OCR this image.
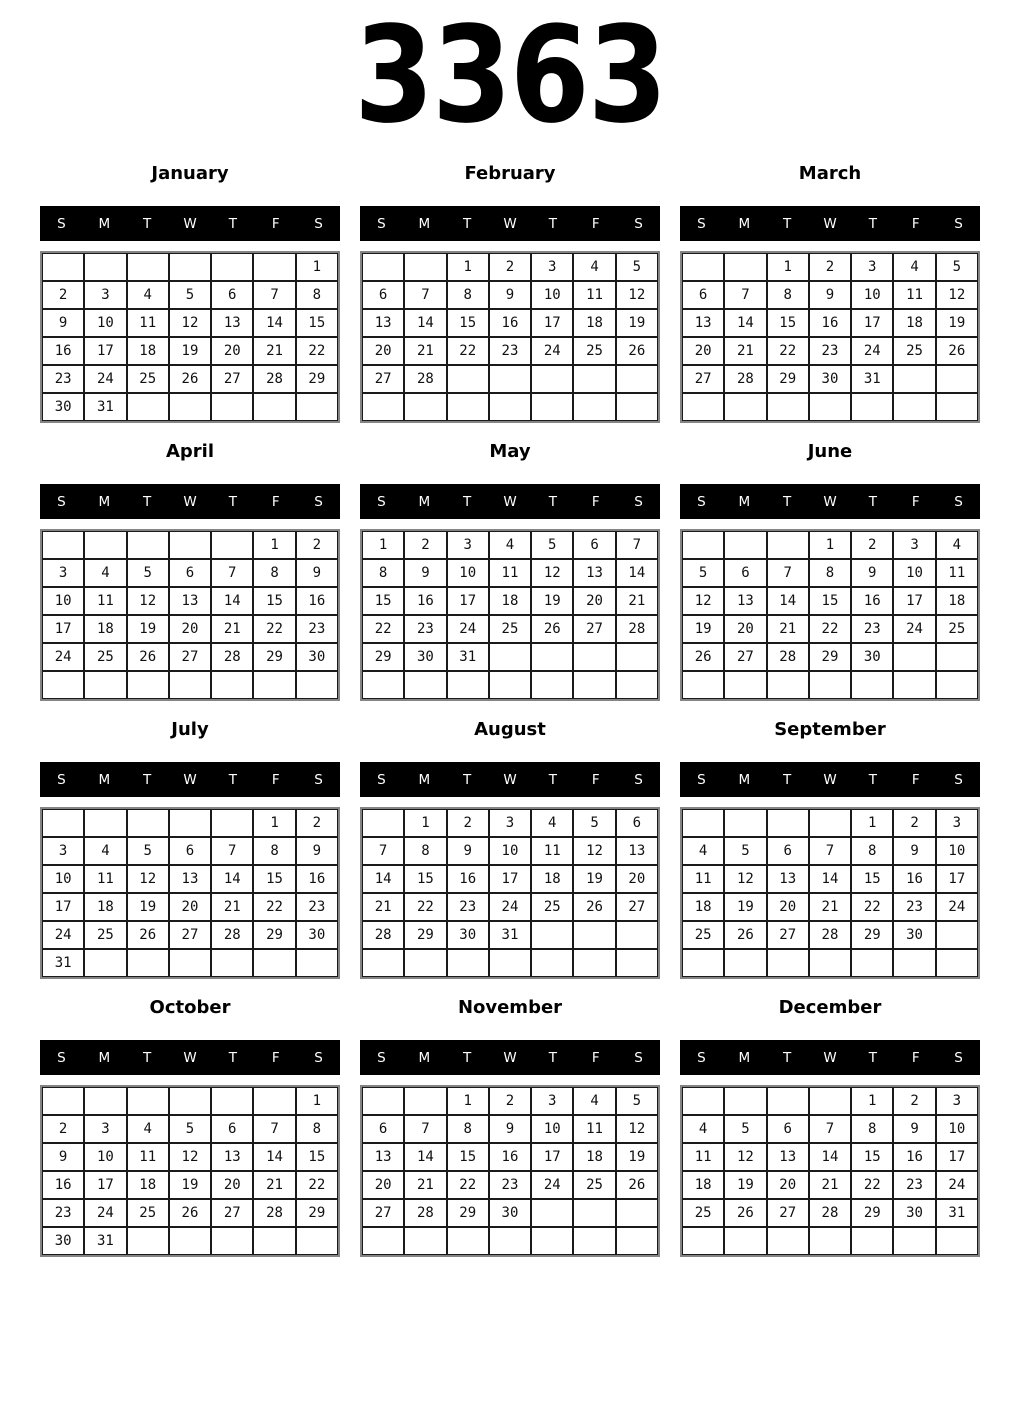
3363
January
S	M	T	W	T	F	S
						1
2	3	4	5	6	7	8
9	10	11	12	13	14	15
16	17	18	19	20	21	22
23	24	25	26	27	28	29
30	31					
February
S	M	T	W	T	F	S
		1	2	3	4	5
6	7	8	9	10	11	12
13	14	15	16	17	18	19
20	21	22	23	24	25	26
27	28					

March
S	M	T	W	T	F	S
		1	2	3	4	5
6	7	8	9	10	11	12
13	14	15	16	17	18	19
20	21	22	23	24	25	26
27	28	29	30	31		

April
S	M	T	W	T	F	S
					1	2
3	4	5	6	7	8	9
10	11	12	13	14	15	16
17	18	19	20	21	22	23
24	25	26	27	28	29	30

May
S	M	T	W	T	F	S
1	2	3	4	5	6	7
8	9	10	11	12	13	14
15	16	17	18	19	20	21
22	23	24	25	26	27	28
29	30	31				

June
S	M	T	W	T	F	S
			1	2	3	4
5	6	7	8	9	10	11
12	13	14	15	16	17	18
19	20	21	22	23	24	25
26	27	28	29	30		

July
S	M	T	W	T	F	S
					1	2
3	4	5	6	7	8	9
10	11	12	13	14	15	16
17	18	19	20	21	22	23
24	25	26	27	28	29	30
31						
August
S	M	T	W	T	F	S
	1	2	3	4	5	6
7	8	9	10	11	12	13
14	15	16	17	18	19	20
21	22	23	24	25	26	27
28	29	30	31			

September
S	M	T	W	T	F	S
				1	2	3
4	5	6	7	8	9	10
11	12	13	14	15	16	17
18	19	20	21	22	23	24
25	26	27	28	29	30	

October
S	M	T	W	T	F	S
						1
2	3	4	5	6	7	8
9	10	11	12	13	14	15
16	17	18	19	20	21	22
23	24	25	26	27	28	29
30	31					
November
S	M	T	W	T	F	S
		1	2	3	4	5
6	7	8	9	10	11	12
13	14	15	16	17	18	19
20	21	22	23	24	25	26
27	28	29	30			

December
S	M	T	W	T	F	S
				1	2	3
4	5	6	7	8	9	10
11	12	13	14	15	16	17
18	19	20	21	22	23	24
25	26	27	28	29	30	31
